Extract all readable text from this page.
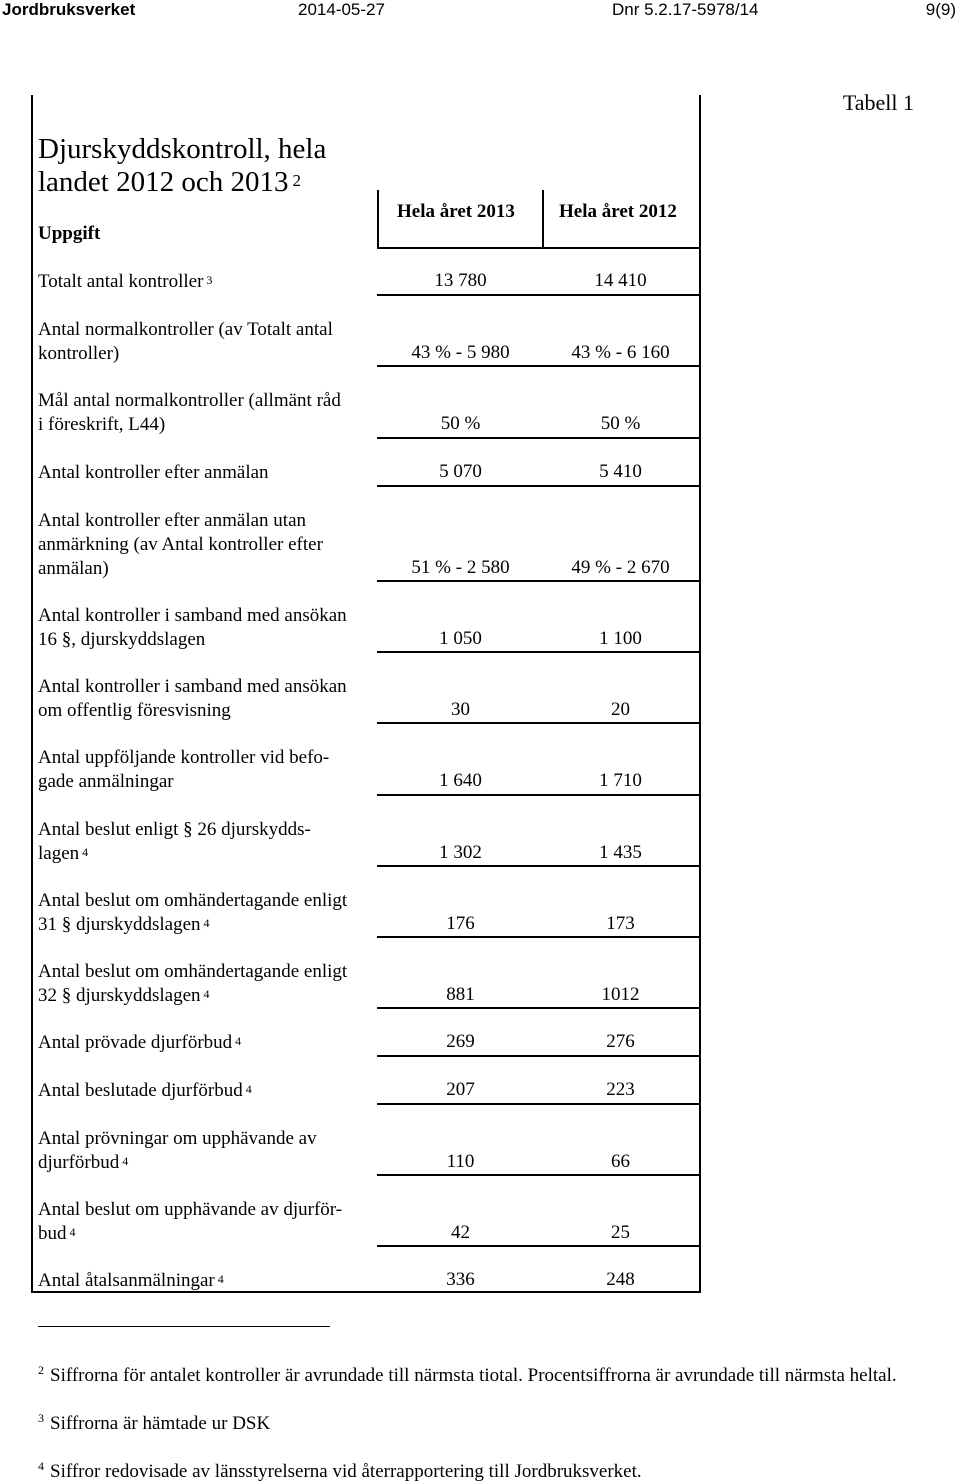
Jordbruksverket	2014-05-27	Dnr 5.2.17-5978/14	9(9)
Tabell 1
Djurskyddskontroll, hela
landet 2012 och 2013 $^2$
Hela året 2013 Hela året 2012
Uppgift
Totalt antal kontroller $^3$	13 780	14 410
Antal normalkontroller (av Totalt antal
kontroller)	43 % - 5 980	43 % - 6 160
Mål antal normalkontroller (allmänt råd
i föreskrift, L44)	50 %	50 %
Antal kontroller efter anmälan	5 070	5 410
Antal kontroller efter anmälan utan
anmärkning (av Antal kontroller efter
anmälan)	51 % - 2 580	49 % - 2 670
Antal kontroller i samband med ansökan
16 §, djurskyddslagen	1 050	1 100
Antal kontroller i samband med ansökan
om offentlig föresvisning	30	20
Antal uppföljande kontroller vid befo-
gade anmälningar	1 640	1 710
Antal beslut enligt § 26 djurskydds-
lagen $^4$	1 302	1 435
Antal beslut om omhändertagande enligt
31 § djurskyddslagen $^4$	176	173
Antal beslut om omhändertagande enligt
32 § djurskyddslagen $^4$	881	1012
Antal prövade djurförbud $^4$	269	276
Antal beslutade djurförbud $^4$	207	223
Antal prövningar om upphävande av
djurförbud $^4$	110	66
Antal beslut om upphävande av djurför-
bud $^4$	42	25
Antal åtalsanmälningar $^4$	336	248
$^2$ Siffrorna för antalet kontroller är avrundade till närmsta tiotal. Procentsiffrorna är avrundade till närmsta heltal.
$^3$ Siffrorna är hämtade ur DSK
$^4$ Siffror redovisade av länsstyrelserna vid återrapportering till Jordbruksverket.
